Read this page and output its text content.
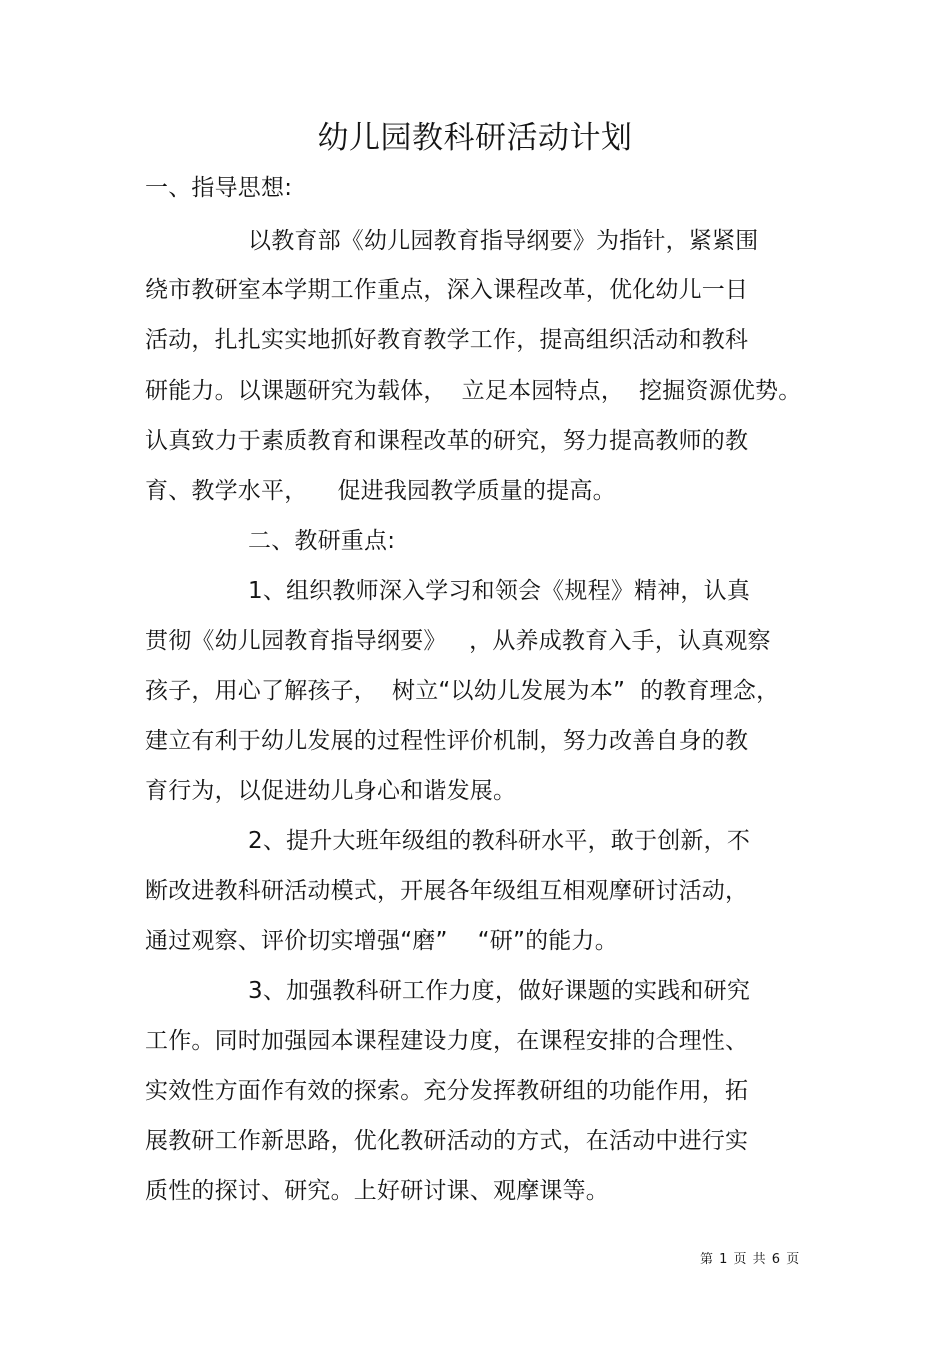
幼儿园教科研活动计划
一、指导思想:
以教育部《幼儿园教育指导纲要》为指针，紧紧围
绕市教研室本学期工作重点，深入课程改革，优化幼儿一日
活动，扎扎实实地抓好教育教学工作，提高组织活动和教科
研能力。以课题研究为载体，  立足本园特点，  挖掘资源优势。
认真致力于素质教育和课程改革的研究，努力提高教师的教
育、教学水平，    促进我园教学质量的提高。
二、教研重点:
1、组织教师深入学习和领会《规程》精神，认真
贯彻《幼儿园教育指导纲要》   ，从养成教育入手，认真观察
孩子，用心了解孩子，  树立“以幼儿发展为本”  的教育理念，
建立有利于幼儿发展的过程性评价机制，努力改善自身的教
育行为，以促进幼儿身心和谐发展。
2、提升大班年级组的教科研水平，敢于创新，不
断改进教科研活动模式，开展各年级组互相观摩研讨活动，
通过观察、评价切实增强“磨”    “研”的能力。
3、加强教科研工作力度，做好课题的实践和研究
工作。同时加强园本课程建设力度，在课程安排的合理性、
实效性方面作有效的探索。充分发挥教研组的功能作用，拓
展教研工作新思路，优化教研活动的方式，在活动中进行实
质性的探讨、研究。上好研讨课、观摩课等。
第 1 页 共 6 页
